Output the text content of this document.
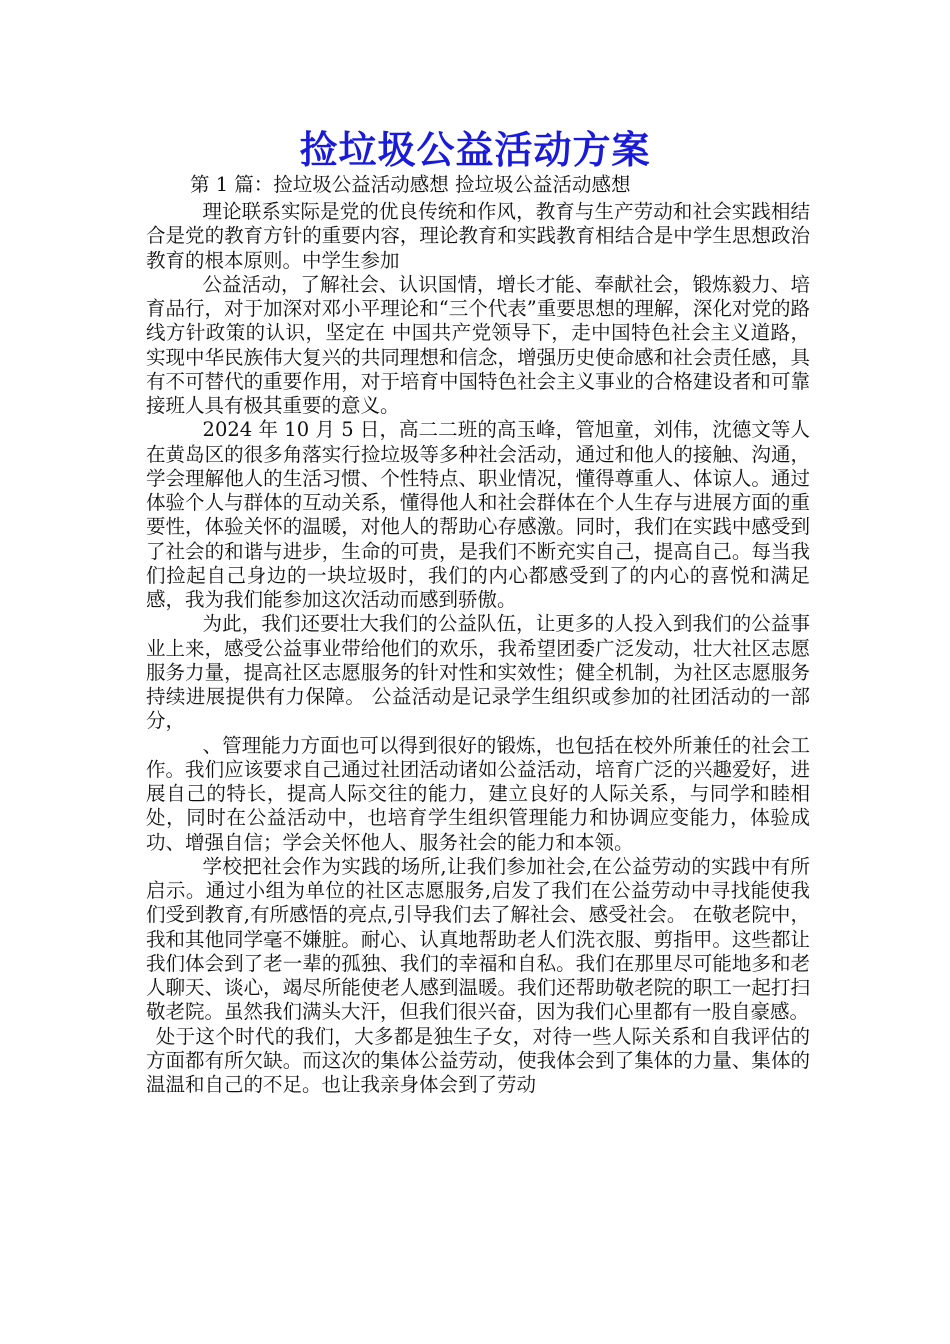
捡垃圾公益活动方案
第 1 篇：捡垃圾公益活动感想 捡垃圾公益活动感想

理论联系实际是党的优良传统和作风，教育与生产劳动和社会实践相结合是党的教育方针的重要内容，理论教育和实践教育相结合是中学生思想政治教育的根本原则。中学生参加

公益活动，了解社会、认识国情，增长才能、奉献社会，锻炼毅力、培育品行，对于加深对邓小平理论和“三个代表”重要思想的理解，深化对党的路线方针政策的认识，坚定在 中国共产党领导下，走中国特色社会主义道路，实现中华民族伟大复兴的共同理想和信念，增强历史使命感和社会责任感，具有不可替代的重要作用，对于培育中国特色社会主义事业的合格建设者和可靠接班人具有极其重要的意义。

2024 年 10 月 5 日，高二二班的高玉峰，管旭童，刘伟，沈德文等人在黄岛区的很多角落实行捡垃圾等多种社会活动，通过和他人的接触、沟通，学会理解他人的生活习惯、个性特点、职业情况，懂得尊重人、体谅人。通过体验个人与群体的互动关系，懂得他人和社会群体在个人生存与进展方面的重要性，体验关怀的温暖，对他人的帮助心存感激。同时，我们在实践中感受到了社会的和谐与进步，生命的可贵，是我们不断充实自己，提高自己。每当我们捡起自己身边的一块垃圾时，我们的内心都感受到了的内心的喜悦和满足感，我为我们能参加这次活动而感到骄傲。

为此，我们还要壮大我们的公益队伍，让更多的人投入到我们的公益事业上来，感受公益事业带给他们的欢乐，我希望团委广泛发动，壮大社区志愿服务力量，提高社区志愿服务的针对性和实效性；健全机制，为社区志愿服务持续进展提供有力保障。 公益活动是记录学生组织或参加的社团活动的一部分，

、管理能力方面也可以得到很好的锻炼，也包括在校外所兼任的社会工作。我们应该要求自己通过社团活动诸如公益活动，培育广泛的兴趣爱好，进展自己的特长，提高人际交往的能力，建立良好的人际关系，与同学和睦相处，同时在公益活动中，也培育学生组织管理能力和协调应变能力，体验成功、增强自信；学会关怀他人、服务社会的能力和本领。

学校把社会作为实践的场所,让我们参加社会,在公益劳动的实践中有所启示。通过小组为单位的社区志愿服务,启发了我们在公益劳动中寻找能使我们受到教育,有所感悟的亮点,引导我们去了解社会、感受社会。 在敬老院中，我和其他同学毫不嫌脏。耐心、认真地帮助老人们洗衣服、剪指甲。这些都让我们体会到了老一辈的孤独、我们的幸福和自私。我们在那里尽可能地多和老人聊天、谈心，竭尽所能使老人感到温暖。我们还帮助敬老院的职工一起打扫敬老院。虽然我们满头大汗，但我们很兴奋，因为我们心里都有一股自豪感。

处于这个时代的我们，大多都是独生子女，对待一些人际关系和自我评估的方面都有所欠缺。而这次的集体公益劳动，使我体会到了集体的力量、集体的温温和自己的不足。也让我亲身体会到了劳动
